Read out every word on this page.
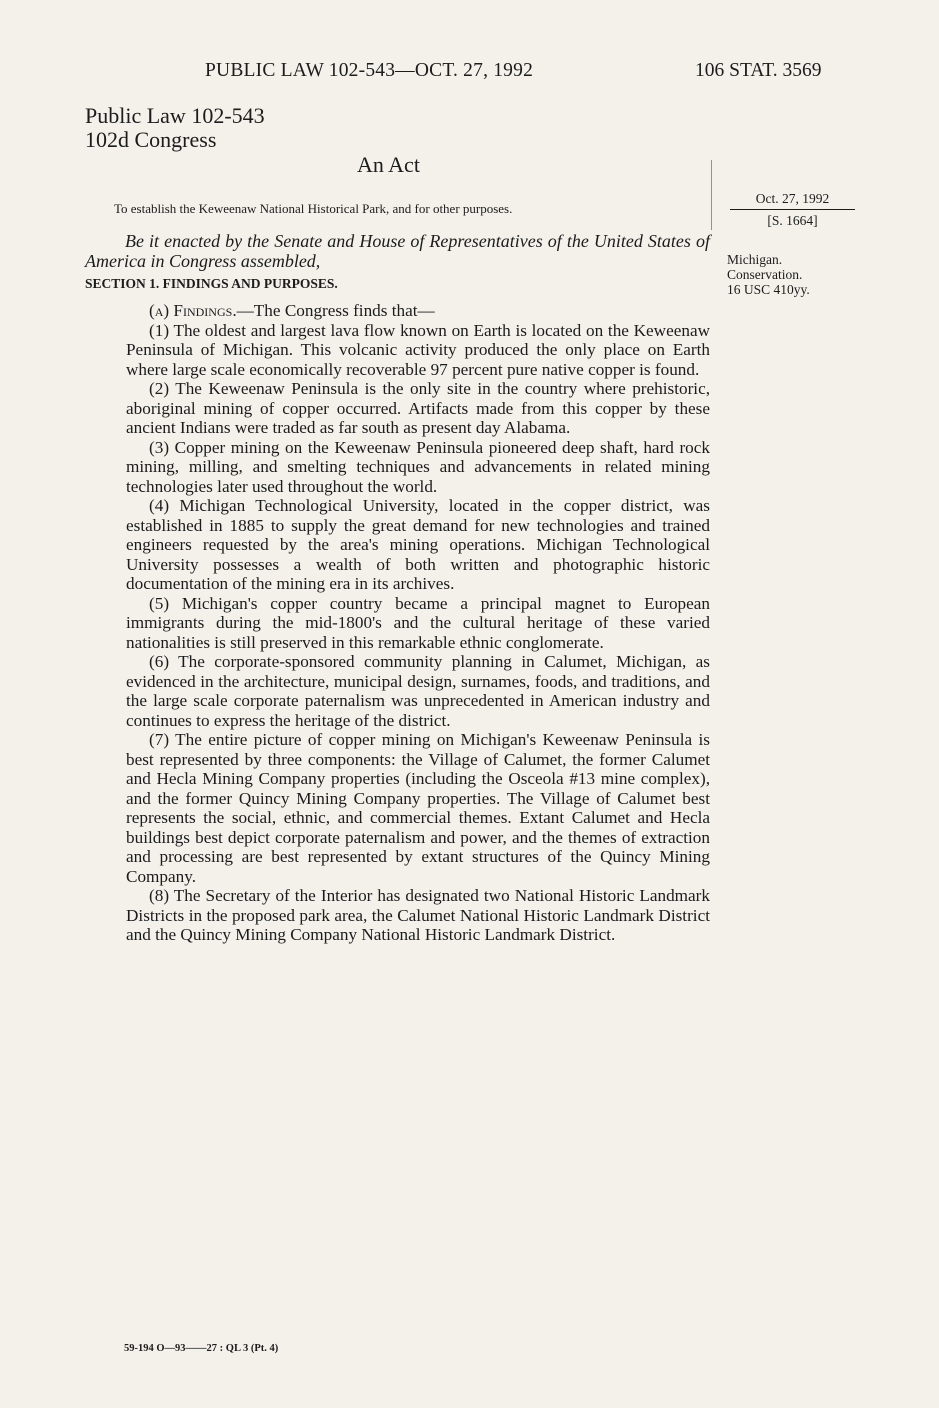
PUBLIC LAW 102-543—OCT. 27, 1992	106 STAT. 3569
Public Law 102-543
102d Congress
An Act
To establish the Keweenaw National Historical Park, and for other purposes.
Oct. 27, 1992
[S. 1664]
Michigan.
Conservation.
16 USC 410yy.
Be it enacted by the Senate and House of Representatives of the United States of America in Congress assembled,
SECTION 1. FINDINGS AND PURPOSES.

(a) Findings.—The Congress finds that—

(1) The oldest and largest lava flow known on Earth is located on the Keweenaw Peninsula of Michigan. This volcanic activity produced the only place on Earth where large scale economically recoverable 97 percent pure native copper is found.

(2) The Keweenaw Peninsula is the only site in the country where prehistoric, aboriginal mining of copper occurred. Artifacts made from this copper by these ancient Indians were traded as far south as present day Alabama.

(3) Copper mining on the Keweenaw Peninsula pioneered deep shaft, hard rock mining, milling, and smelting techniques and advancements in related mining technologies later used throughout the world.

(4) Michigan Technological University, located in the copper district, was established in 1885 to supply the great demand for new technologies and trained engineers requested by the area's mining operations. Michigan Technological University possesses a wealth of both written and photographic historic documentation of the mining era in its archives.

(5) Michigan's copper country became a principal magnet to European immigrants during the mid-1800's and the cultural heritage of these varied nationalities is still preserved in this remarkable ethnic conglomerate.

(6) The corporate-sponsored community planning in Calumet, Michigan, as evidenced in the architecture, municipal design, surnames, foods, and traditions, and the large scale corporate paternalism was unprecedented in American industry and continues to express the heritage of the district.

(7) The entire picture of copper mining on Michigan's Keweenaw Peninsula is best represented by three components: the Village of Calumet, the former Calumet and Hecla Mining Company properties (including the Osceola #13 mine complex), and the former Quincy Mining Company properties. The Village of Calumet best represents the social, ethnic, and commercial themes. Extant Calumet and Hecla buildings best depict corporate paternalism and power, and the themes of extraction and processing are best represented by extant structures of the Quincy Mining Company.

(8) The Secretary of the Interior has designated two National Historic Landmark Districts in the proposed park area, the Calumet National Historic Landmark District and the Quincy Mining Company National Historic Landmark District.

59-194 O—93——27 : QL 3 (Pt. 4)
